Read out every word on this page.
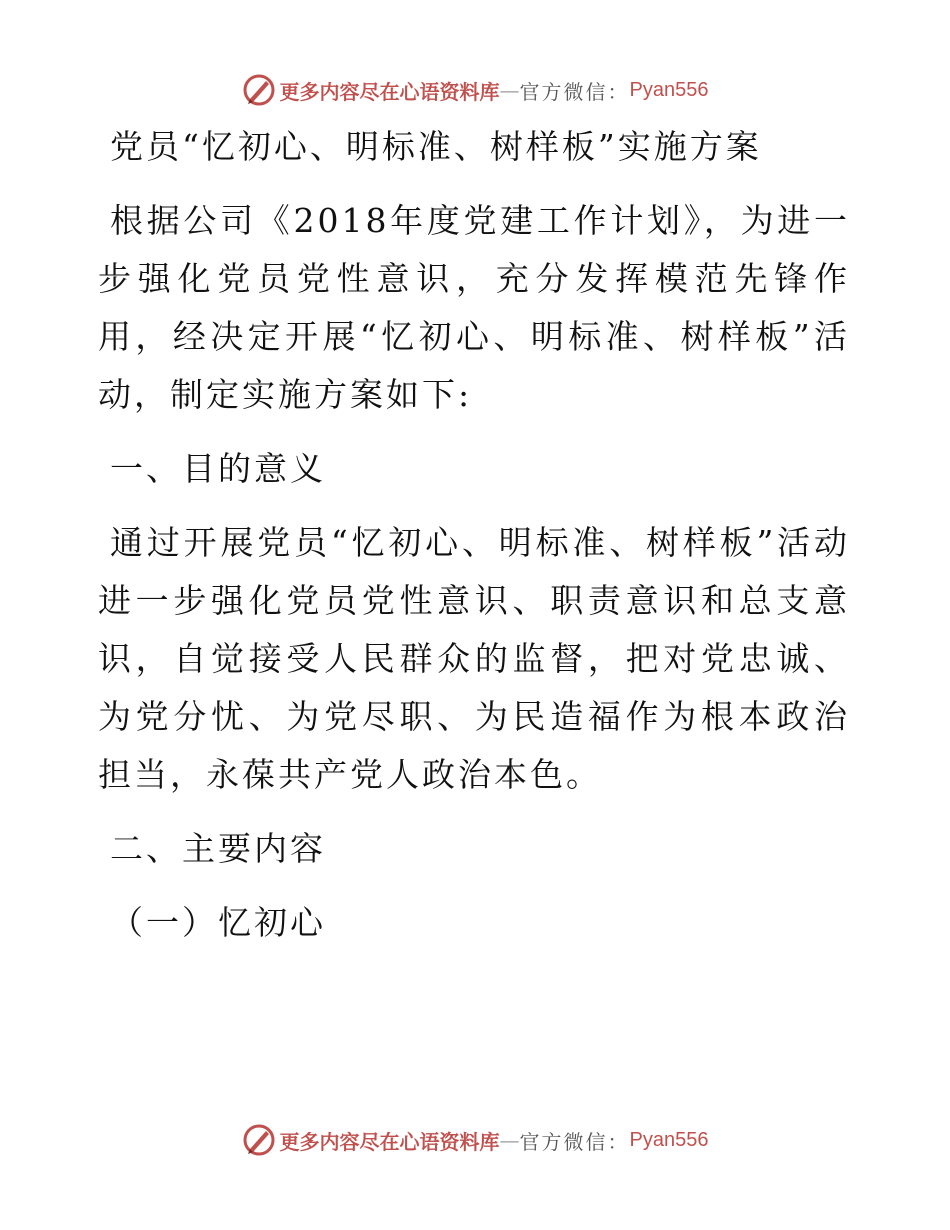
更多内容尽在心语资料库 — 官方微信： Pyan556

党员“忆初心、明标准、树样板”实施方案

根据公司《2018年度党建工作计划》，为进一步强化党员党性意识，充分发挥模范先锋作用，经决定开展“忆初心、明标准、树样板”活动，制定实施方案如下:

一、目的意义

通过开展党员“忆初心、明标准、树样板”活动进一步强化党员党性意识、职责意识和总支意识，自觉接受人民群众的监督，把对党忠诚、为党分忧、为党尽职、为民造福作为根本政治担当，永葆共产党人政治本色。

二、主要内容

（一）忆初心

更多内容尽在心语资料库 — 官方微信： Pyan556
